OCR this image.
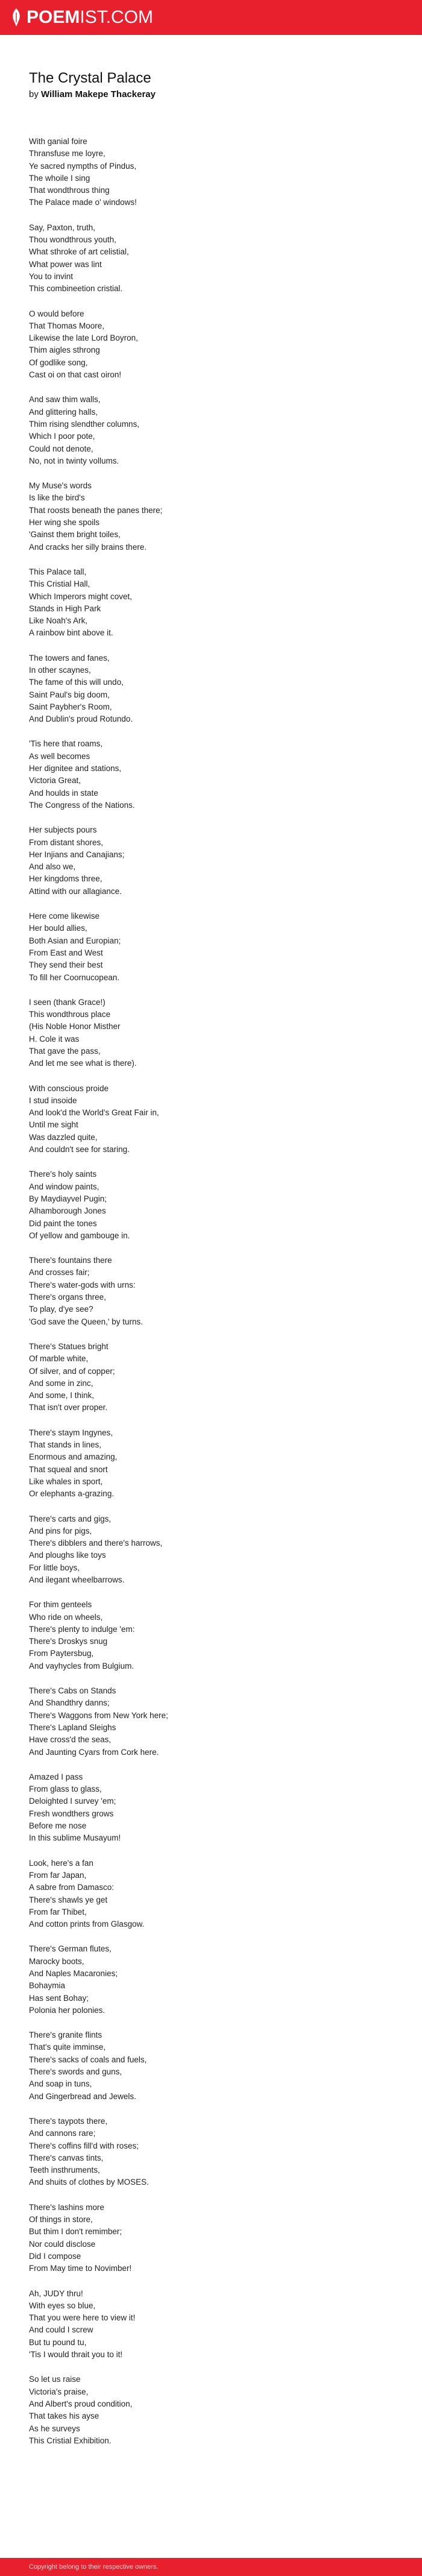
POEMIST.COM
The Crystal Palace
by William Makepe Thackeray
With ganial foire
Thransfuse me loyre,
Ye sacred nympths of Pindus,
The whoile I sing
That wondthrous thing
The Palace made o' windows!
Say, Paxton, truth,
Thou wondthrous youth,
What sthroke of art celistial,
What power was lint
You to invint
This combineetion cristial.
O would before
That Thomas Moore,
Likewise the late Lord Boyron,
Thim aigles sthrong
Of godlike song,
Cast oi on that cast oiron!
And saw thim walls,
And glittering halls,
Thim rising slendther columns,
Which I poor pote,
Could not denote,
No, not in twinty vollums.
My Muse's words
Is like the bird's
That roosts beneath the panes there;
Her wing she spoils
'Gainst them bright toiles,
And cracks her silly brains there.
This Palace tall,
This Cristial Hall,
Which Imperors might covet,
Stands in High Park
Like Noah's Ark,
A rainbow bint above it.
The towers and fanes,
In other scaynes,
The fame of this will undo,
Saint Paul's big doom,
Saint Paybher's Room,
And Dublin's proud Rotundo.
'Tis here that roams,
As well becomes
Her dignitee and stations,
Victoria Great,
And houlds in state
The Congress of the Nations.
Her subjects pours
From distant shores,
Her Injians and Canajians;
And also we,
Her kingdoms three,
Attind with our allagiance.
Here come likewise
Her bould allies,
Both Asian and Europian;
From East and West
They send their best
To fill her Coornucopean.
I seen (thank Grace!)
This wondthrous place
(His Noble Honor Misther
H. Cole it was
That gave the pass,
And let me see what is there).
With conscious proide
I stud insoide
And look'd the World's Great Fair in,
Until me sight
Was dazzled quite,
And couldn't see for staring.
There's holy saints
And window paints,
By Maydiayvel Pugin;
Alhamborough Jones
Did paint the tones
Of yellow and gambouge in.
There's fountains there
And crosses fair;
There's water-gods with urns:
There's organs three,
To play, d'ye see?
'God save the Queen,' by turns.
There's Statues bright
Of marble white,
Of silver, and of copper;
And some in zinc,
And some, I think,
That isn't over proper.
There's staym Ingynes,
That stands in lines,
Enormous and amazing,
That squeal and snort
Like whales in sport,
Or elephants a-grazing.
There's carts and gigs,
And pins for pigs,
There's dibblers and there's harrows,
And ploughs like toys
For little boys,
And ilegant wheelbarrows.
For thim genteels
Who ride on wheels,
There's plenty to indulge 'em:
There's Droskys snug
From Paytersbug,
And vayhycles from Bulgium.
There's Cabs on Stands
And Shandthry danns;
There's Waggons from New York here;
There's Lapland Sleighs
Have cross'd the seas,
And Jaunting Cyars from Cork here.
Amazed I pass
From glass to glass,
Deloighted I survey 'em;
Fresh wondthers grows
Before me nose
In this sublime Musayum!
Look, here's a fan
From far Japan,
A sabre from Damasco:
There's shawls ye get
From far Thibet,
And cotton prints from Glasgow.
There's German flutes,
Marocky boots,
And Naples Macaronies;
Bohaymia
Has sent Bohay;
Polonia her polonies.
There's granite flints
That's quite imminse,
There's sacks of coals and fuels,
There's swords and guns,
And soap in tuns,
And Gingerbread and Jewels.
There's taypots there,
And cannons rare;
There's coffins fill'd with roses;
There's canvas tints,
Teeth insthruments,
And shuits of clothes by MOSES.
There's lashins more
Of things in store,
But thim I don't remimber;
Nor could disclose
Did I compose
From May time to Novimber!
Ah, JUDY thru!
With eyes so blue,
That you were here to view it!
And could I screw
But tu pound tu,
'Tis I would thrait you to it!
So let us raise
Victoria's praise,
And Albert's proud condition,
That takes his ayse
As he surveys
This Cristial Exhibition.
Copyright belong to their respective owners.
